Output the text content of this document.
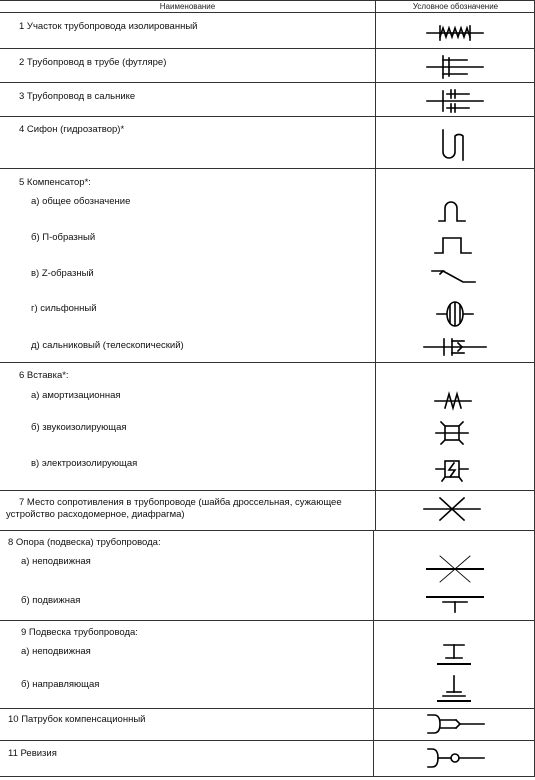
Наименование	Условное обозначение
1 Участок трубопровода изолированный
2 Трубопровод в трубе (футляре)
3 Трубопровод в сальнике
4 Сифон (гидрозатвор)*
5 Компенсатор*:
а) общее обозначение
б) П-образный
в) Z-образный
г) сильфонный
д) сальниковый (телескопический)
6 Вставка*:
а) амортизационная
б) звукоизолирующая
в) электроизолирующая
7 Место сопротивления в трубопроводе (шайба дроссельная, сужающее устройство расходомерное, диафрагма)
8 Опора (подвеска) трубопровода:
а) неподвижная
б) подвижная
9 Подвеска трубопровода:
а) неподвижная
б) направляющая
10 Патрубок компенсационный
11 Ревизия
